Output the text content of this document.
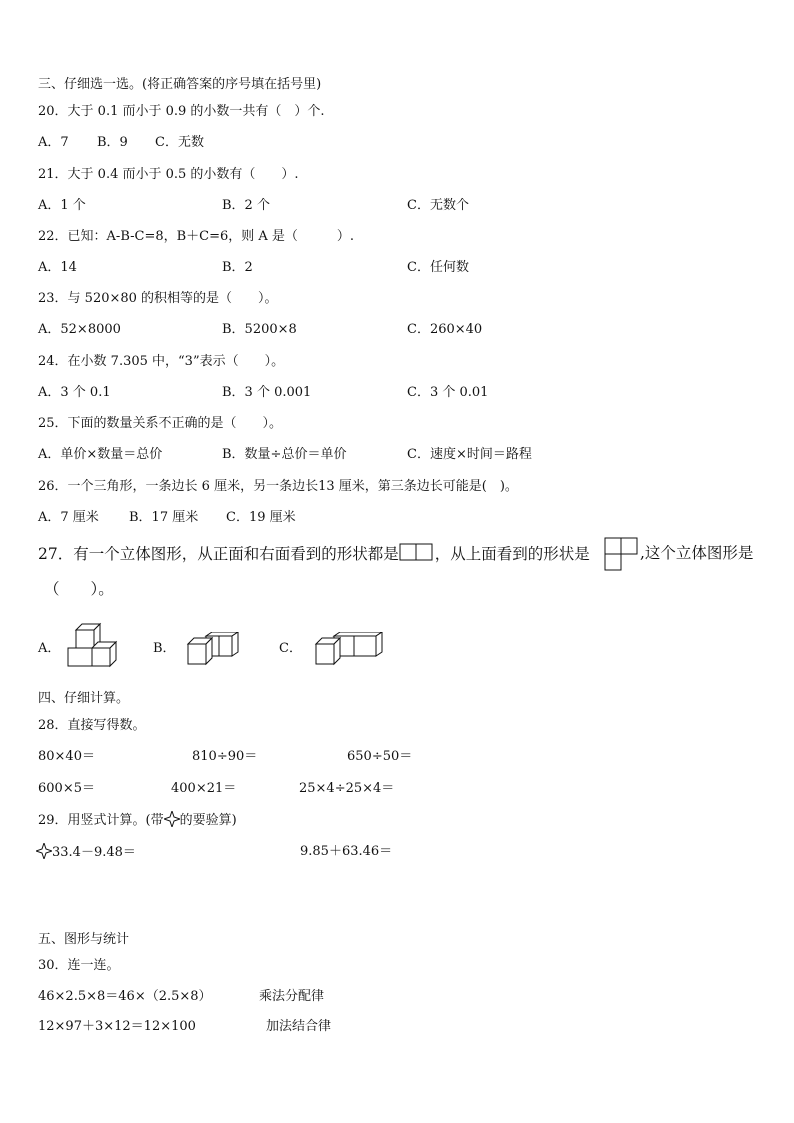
三、仔细选一选。(将正确答案的序号填在括号里)
20．大于 0.1 而小于 0.9 的小数一共有（　）个.
A．7 B．9 C．无数
21．大于 0.4 而小于 0.5 的小数有（　　）.
A．1 个	B．2 个	C．无数个
22．已知：A-B-C=8，B＋C=6，则 A 是（　　　）.
A．14	B．2	C．任何数
23．与 520×80 的积相等的是（　　）。
A．52×8000	B．5200×8	C．260×40
24．在小数 7.305 中，“3”表示（　　）。
A．3 个 0.1	B．3 个 0.001	C．3 个 0.01
25．下面的数量关系不正确的是（　　）。
A．单价×数量＝总价	B．数量÷总价＝单价	C．速度×时间＝路程
26．一个三角形，一条边长 6 厘米，另一条边长13 厘米，第三条边长可能是(　)。
A．7 厘米 B．17 厘米 C．19 厘米
27．有一个立体图形，从正面和右面看到的形状都是 ，从上面看到的形状是	,这个立体图形是
（　　）。
A．	B．	C．
四、仔细计算。
28．直接写得数。
80×40＝	810÷90＝	650÷50＝
600×5＝	400×21＝	25×4÷25×4＝
29．用竖式计算。(带 的要验算)
33.4－9.48＝	9.85＋63.46＝
五、图形与统计
30．连一连。
46×2.5×8＝46×（2.5×8）	乘法分配律
12×97＋3×12＝12×100	加法结合律
